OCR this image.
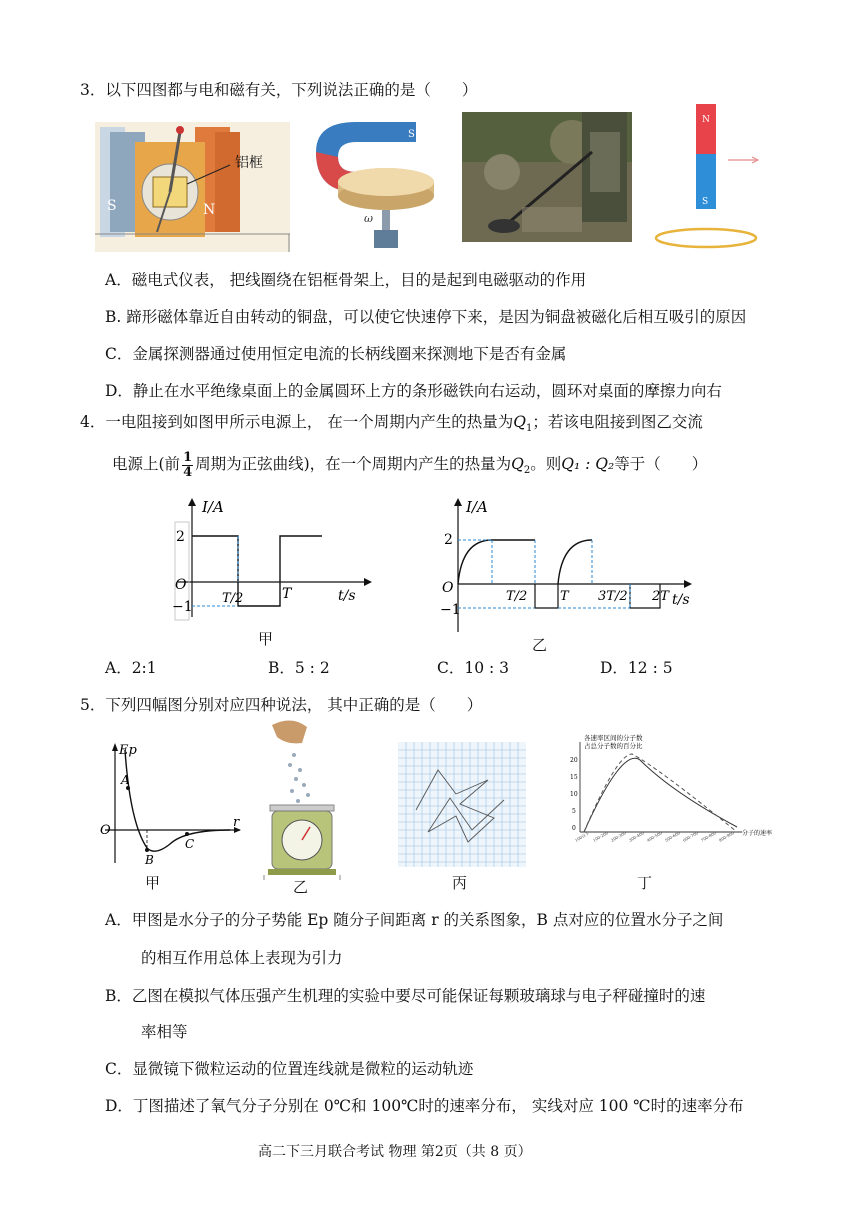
3．以下四图都与电和磁有关，下列说法正确的是（　　）
S	N
铝框
S
ω
N
S
A．磁电式仪表， 把线圈绕在铝框骨架上，目的是起到电磁驱动的作用
B. 蹄形磁体靠近自由转动的铜盘，可以使它快速停下来，是因为铜盘被磁化后相互吸引的原因
C．金属探测器通过使用恒定电流的长柄线圈来探测地下是否有金属
D．静止在水平绝缘桌面上的金属圆环上方的条形磁铁向右运动，圆环对桌面的摩擦力向右
4．一电阻接到如图甲所示电源上， 在一个周期内产生的热量为$Q_1$；若该电阻接到图乙交流
电源上(前 $\frac{1}{4}$ 周期为正弦曲线)，在一个周期内产生的热量为$Q_2$。则Q₁ : Q₂等于（　　）
I/A
t/s
O
2
−1
T/2	T
甲
I/A
t/s
O
2
−1
T/2	T 3T/2 2T
乙
A．2:1	B．5 : 2	C．10 : 3	D．12 : 5
5．下列四幅图分别对应四种说法， 其中正确的是（　　）
Ep
r
O
A
B
C
甲	乙	丙
各速率区间的分子数
占总分子数的百分比
20
15
10
5
0
100以下 100-200 200-300 300-400 400-500 500-600 600-700 700-800 800-900 分子的速率
丁
A．甲图是水分子的分子势能 Ep 随分子间距离 r 的关系图象，B 点对应的位置水分子之间
的相互作用总体上表现为引力
B．乙图在模拟气体压强产生机理的实验中要尽可能保证每颗玻璃球与电子秤碰撞时的速
率相等
C．显微镜下微粒运动的位置连线就是微粒的运动轨迹
D．丁图描述了氧气分子分别在 0℃和 100℃时的速率分布， 实线对应 100 ℃时的速率分布
高二下三月联合考试 物理 第2页（共 8 页）
